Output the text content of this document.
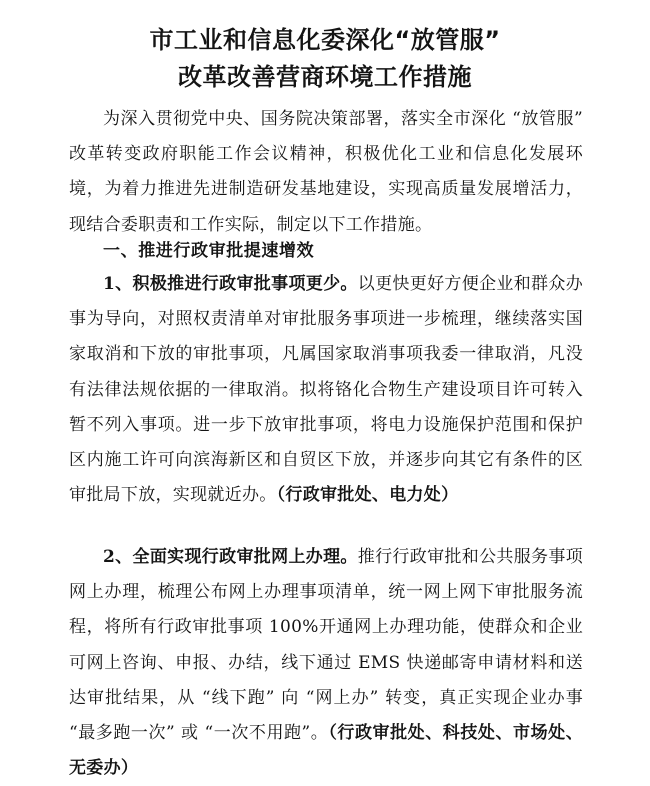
市工业和信息化委深化“放管服”
改革改善营商环境工作措施

为深入贯彻党中央、国务院决策部署，落实全市深化 “放管服” 改革转变政府职能工作会议精神，积极优化工业和信息化发展环境，为着力推进先进制造研发基地建设，实现高质量发展增活力，现结合委职责和工作实际，制定以下工作措施。

一、推进行政审批提速增效

1、积极推进行政审批事项更少。以更快更好方便企业和群众办事为导向，对照权责清单对审批服务事项进一步梳理，继续落实国家取消和下放的审批事项，凡属国家取消事项我委一律取消，凡没有法律法规依据的一律取消。拟将铬化合物生产建设项目许可转入暂不列入事项。进一步下放审批事项，将电力设施保护范围和保护区内施工许可向滨海新区和自贸区下放，并逐步向其它有条件的区审批局下放，实现就近办。（行政审批处、电力处）

2、全面实现行政审批网上办理。推行行政审批和公共服务事项网上办理，梳理公布网上办理事项清单，统一网上网下审批服务流程，将所有行政审批事项 100%开通网上办理功能，使群众和企业可网上咨询、申报、办结，线下通过 EMS 快递邮寄申请材料和送达审批结果，从 “线下跑” 向 “网上办” 转变，真正实现企业办事 “最多跑一次” 或 “一次不用跑”。（行政审批处、科技处、市场处、无委办）
